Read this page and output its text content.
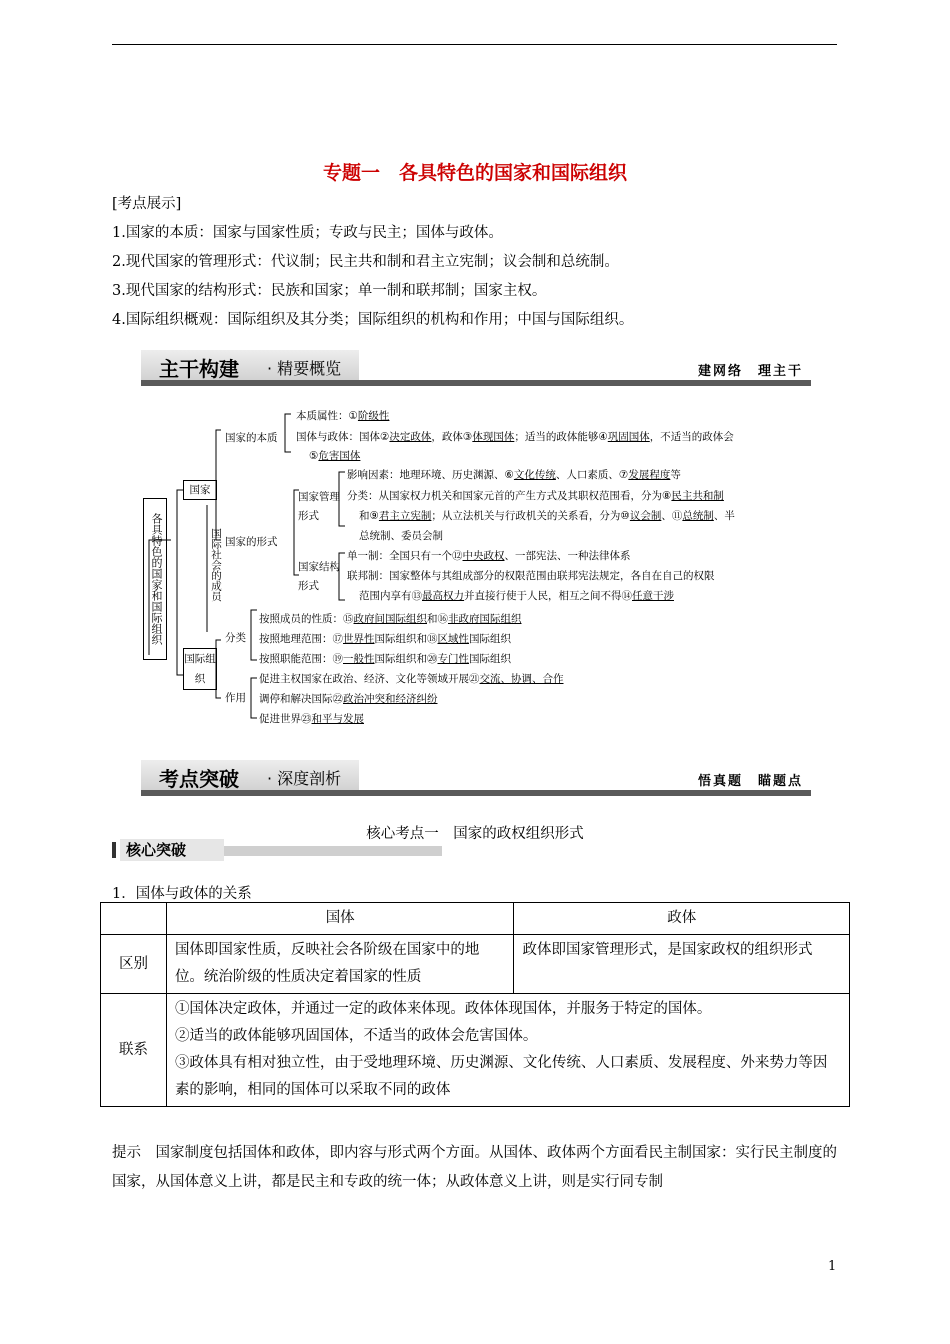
专题一　各具特色的国家和国际组织
[考点展示]
1.国家的本质：国家与国家性质；专政与民主；国体与政体。
2.现代国家的管理形式：代议制；民主共和制和君主立宪制；议会制和总统制。
3.现代国家的结构形式：民族和国家；单一制和联邦制；国家主权。
4.国际组织概观：国际组织及其分类；国际组织的机构和作用；中国与国际组织。
主干构建 · 精要概览	建网络　理主干
各具特色的国家和国际组织
国家
国际组织
国际社会的成员
国家的本质
国家的形式
国家管理形式
国家结构形式
分类
作用
本质属性：①阶级性
国体与政体：国体②决定政体，政体③体现国体；适当的政体能够④巩固国体，不适当的政体会
⑤危害国体
影响因素：地理环境、历史渊源、⑥文化传统、人口素质、⑦发展程度等
分类：从国家权力机关和国家元首的产生方式及其职权范围看，分为⑧民主共和制
和⑨君主立宪制；从立法机关与行政机关的关系看，分为⑩议会制、⑪总统制、半
总统制、委员会制
单一制：全国只有一个⑫中央政权、一部宪法、一种法律体系
联邦制：国家整体与其组成部分的权限范围由联邦宪法规定，各自在自己的权限
范围内享有⑬最高权力并直接行使于人民，相互之间不得⑭任意干涉
按照成员的性质：⑮政府间国际组织和⑯非政府国际组织
按照地理范围：⑰世界性国际组织和⑱区域性国际组织
按照职能范围：⑲一般性国际组织和⑳专门性国际组织
促进主权国家在政治、经济、文化等领域开展㉑交流、协调、合作
调停和解决国际㉒政治冲突和经济纠纷
促进世界㉓和平与发展
考点突破 · 深度剖析	悟真题　瞄题点
核心考点一　国家的政权组织形式
核心突破
1．国体与政体的关系
	国体	政体
区别	国体即国家性质，反映社会各阶级在国家中的地位。统治阶级的性质决定着国家的性质	政体即国家管理形式，是国家政权的组织形式
联系	①国体决定政体，并通过一定的政体来体现。政体体现国体，并服务于特定的国体。
②适当的政体能够巩固国体，不适当的政体会危害国体。
③政体具有相对独立性，由于受地理环境、历史渊源、文化传统、人口素质、发展程度、外来势力等因素的影响，相同的国体可以采取不同的政体	
提示　国家制度包括国体和政体，即内容与形式两个方面。从国体、政体两个方面看民主制国家：实行民主制度的国家，从国体意义上讲，都是民主和专政的统一体；从政体意义上讲，则是实行同专制
1
